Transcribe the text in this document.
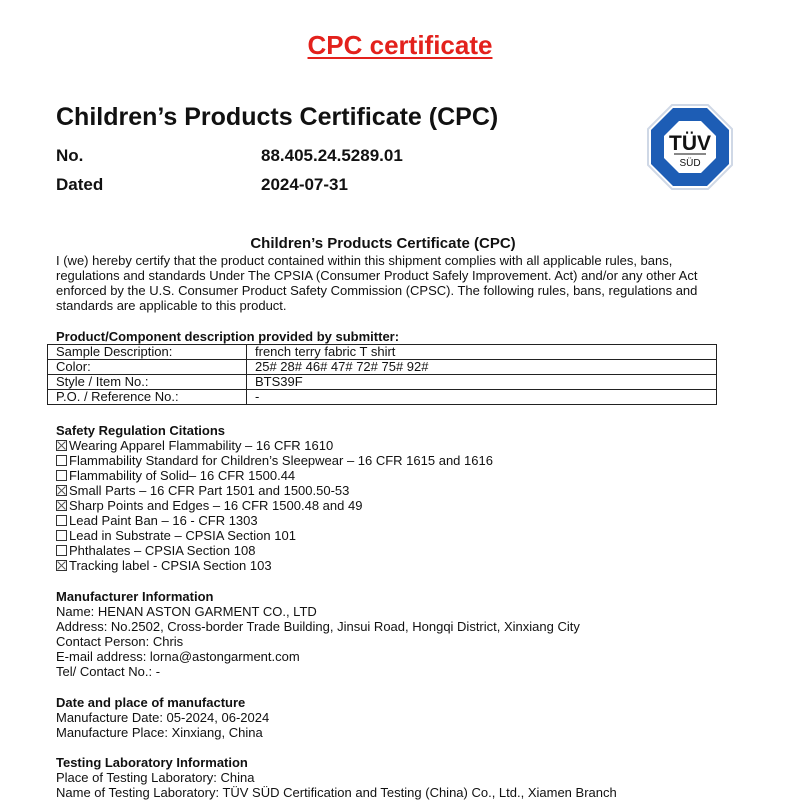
CPC certificate
Children’s Products Certificate (CPC)
No.	88.405.24.5289.01
Dated	2024-07-31
TÜV
SÜD
Children’s Products Certificate (CPC)
I (we) hereby certify that the product contained within this shipment complies with all applicable rules, bans, regulations and standards Under The CPSIA (Consumer Product Safely Improvement. Act) and/or any other Act enforced by the U.S. Consumer Product Safety Commission (CPSC). The following rules, bans, regulations and standards are applicable to this product.
Product/Component description provided by submitter:
Sample Description:	french terry fabric T shirt
Color:	25# 28# 46# 47# 72# 75# 92#
Style / Item No.:	BTS39F
P.O. / Reference No.:	-
Safety Regulation Citations
Wearing Apparel Flammability – 16 CFR 1610
Flammability Standard for Children’s Sleepwear – 16 CFR 1615 and 1616
Flammability of Solid– 16 CFR 1500.44
Small Parts – 16 CFR Part 1501 and 1500.50-53
Sharp Points and Edges – 16 CFR 1500.48 and 49
Lead Paint Ban – 16 - CFR 1303
Lead in Substrate – CPSIA Section 101
Phthalates – CPSIA Section 108
Tracking label - CPSIA Section 103
Manufacturer Information
Name: HENAN ASTON GARMENT CO., LTD
Address: No.2502, Cross-border Trade Building, Jinsui Road, Hongqi District, Xinxiang City
Contact Person: Chris
E-mail address: lorna@astongarment.com
Tel/ Contact No.: -
Date and place of manufacture
Manufacture Date: 05-2024, 06-2024
Manufacture Place: Xinxiang, China
Testing Laboratory Information
Place of Testing Laboratory: China
Name of Testing Laboratory: TÜV SÜD Certification and Testing (China) Co., Ltd., Xiamen Branch
